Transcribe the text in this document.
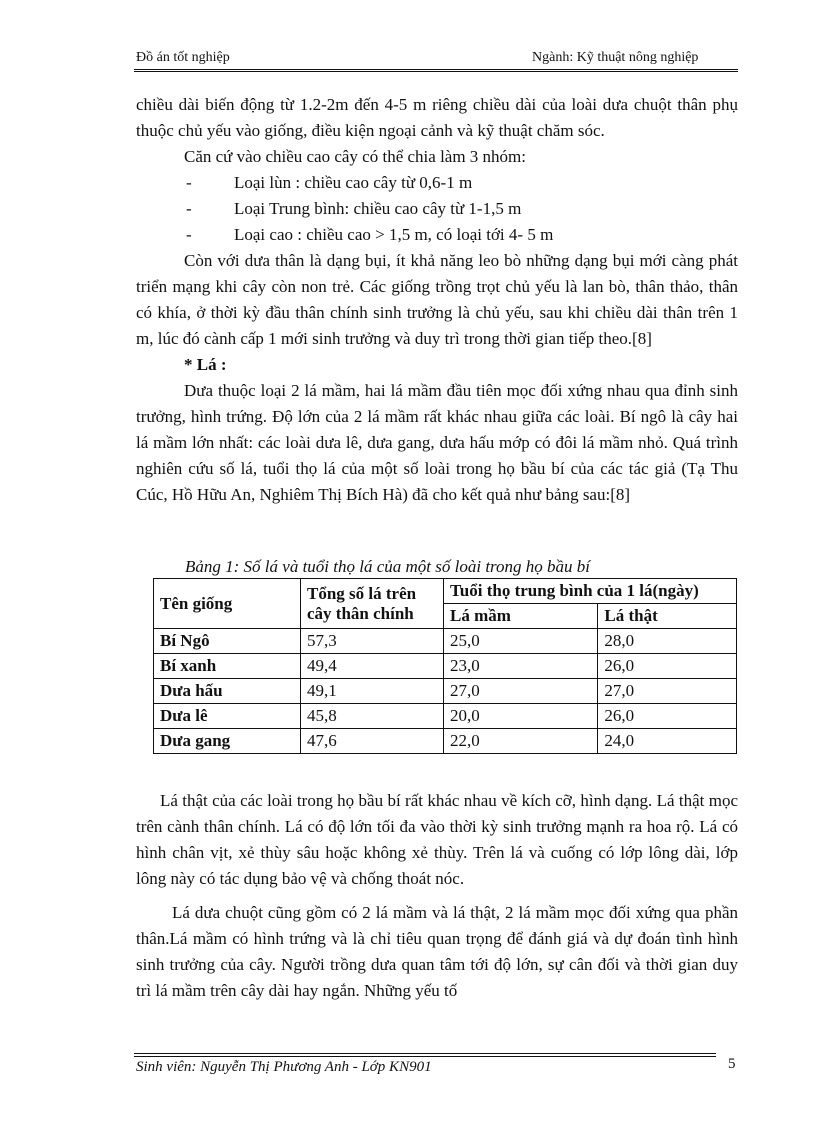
Đồ án tốt nghiệp	Ngành: Kỹ thuật nông nghiệp

chiều dài biến động từ 1.2-2m đến 4-5 m riêng chiều dài của loài dưa chuột thân phụ thuộc chủ yếu vào giống, điều kiện ngoại cảnh và kỹ thuật chăm sóc.

Căn cứ vào chiều cao cây có thể chia làm 3 nhóm:

- Loại lùn : chiều cao cây từ 0,6-1 m
- Loại Trung bình: chiều cao cây từ 1-1,5 m
- Loại cao : chiều cao > 1,5 m, có loại tới 4- 5 m

Còn với dưa thân là dạng bụi, ít khả năng leo bò những dạng bụi mới càng phát triển mạng khi cây còn non trẻ. Các giống trồng trọt chủ yếu là lan bò, thân thảo, thân có khía, ở thời kỳ đầu thân chính sinh trưởng là chủ yếu, sau khi chiều dài thân trên 1 m, lúc đó cành cấp 1 mới sinh trưởng và duy trì trong thời gian tiếp theo.[8]

* Lá :

Dưa thuộc loại 2 lá mầm, hai lá mầm đầu tiên mọc đối xứng nhau qua đỉnh sinh trưởng, hình trứng. Độ lớn của 2 lá mầm rất khác nhau giữa các loài. Bí ngô là cây hai lá mầm lớn nhất: các loài dưa lê, dưa gang, dưa hấu mớp có đôi lá mầm nhỏ. Quá trình nghiên cứu số lá, tuổi thọ lá của một số loài trong họ bầu bí của các tác giả (Tạ Thu Cúc, Hồ Hữu An, Nghiêm Thị Bích Hà) đã cho kết quả như bảng sau:[8]

Bảng 1: Số lá và tuổi thọ lá của một số loài trong họ bầu bí
Tên giống	Tổng số lá trên cây thân chính	Tuổi thọ trung bình của 1 lá(ngày)	
		Lá mầm	Lá thật
Bí Ngô	57,3	25,0	28,0
Bí xanh	49,4	23,0	26,0
Dưa hấu	49,1	27,0	27,0
Dưa lê	45,8	20,0	26,0
Dưa gang	47,6	22,0	24,0

Lá thật của các loài trong họ bầu bí rất khác nhau về kích cỡ, hình dạng. Lá thật mọc trên cành thân chính. Lá có độ lớn tối đa vào thời kỳ sinh trưởng mạnh ra hoa rộ. Lá có hình chân vịt, xẻ thùy sâu hoặc không xẻ thùy. Trên lá và cuống có lớp lông dài, lớp lông này có tác dụng bảo vệ và chống thoát nóc.

Lá dưa chuột cũng gồm có 2 lá mầm và lá thật, 2 lá mầm mọc đối xứng qua phần thân.Lá mầm có hình trứng và là chỉ tiêu quan trọng để đánh giá và dự đoán tình hình sinh trưởng của cây. Người trồng dưa quan tâm tới độ lớn, sự cân đối và thời gian duy trì lá mầm trên cây dài hay ngắn. Những yếu tố

Sinh viên: Nguyễn Thị Phương Anh - Lớp KN901	5
